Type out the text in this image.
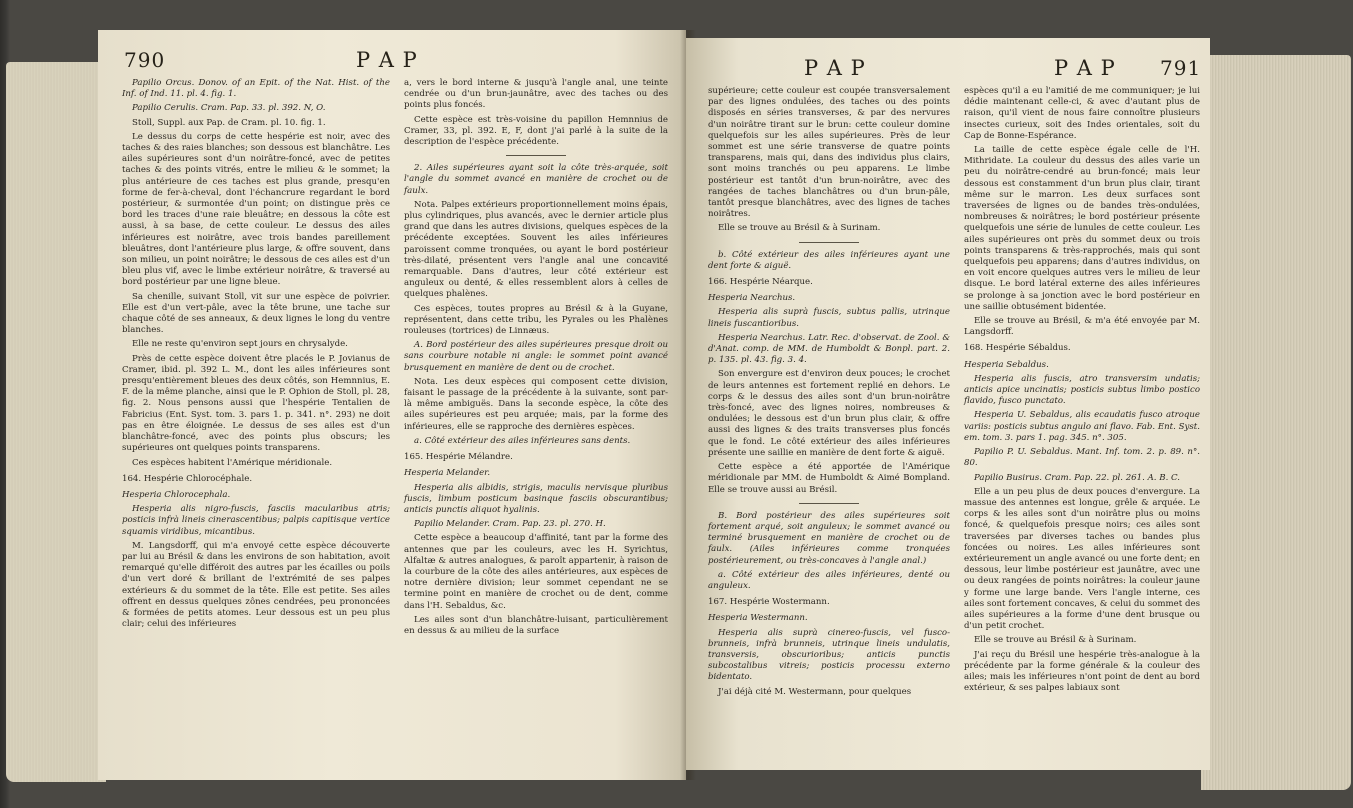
790	P A P

Papilio Orcus. Donov. of an Epit. of the Nat. Hist. of the Inf. of Ind. 11. pl. 4. fig. 1.

Papilio Cerulis. Cram. Pap. 33. pl. 392. N, O.

Stoll, Suppl. aux Pap. de Cram. pl. 10. fig. 1.

Le dessus du corps de cette hespérie est noir, avec des taches & des raies blanches; son dessous est blanchâtre. Les ailes supérieures sont d'un noirâtre-foncé, avec de petites taches & des points vitrés, entre le milieu & le sommet; la plus antérieure de ces taches est plus grande, presqu'en forme de fer-à-cheval, dont l'échancrure regardant le bord postérieur, & surmontée d'un point; on distingue près ce bord les traces d'une raie bleuâtre; en dessous la côte est aussi, à sa base, de cette couleur. Le dessus des ailes inférieures est noirâtre, avec trois bandes pareillement bleuâtres, dont l'antérieure plus large, & offre souvent, dans son milieu, un point noirâtre; le dessous de ces ailes est d'un bleu plus vif, avec le limbe extérieur noirâtre, & traversé au bord postérieur par une ligne bleue.

Sa chenille, suivant Stoll, vit sur une espèce de poivrier. Elle est d'un vert-pâle, avec la tête brune, une tache sur chaque côté de ses anneaux, & deux lignes le long du ventre blanches.

Elle ne reste qu'environ sept jours en chrysalyde.

Près de cette espèce doivent être placés le P. Jovianus de Cramer, ibid. pl. 392 L. M., dont les ailes inférieures sont presqu'entièrement bleues des deux côtés, son Hemnnius, E. F. de la même planche, ainsi que le P. Ophion de Stoll, pl. 28, fig. 2. Nous pensons aussi que l'hespérie Tentalien de Fabricius (Ent. Syst. tom. 3. pars 1. p. 341. n°. 293) ne doit pas en être éloignée. Le dessus de ses ailes est d'un blanchâtre-foncé, avec des points plus obscurs; les supérieures ont quelques points transparens.

Ces espèces habitent l'Amérique méridionale.

164. Hespérie Chlorocéphale.

Hesperia Chlorocephala.

Hesperia alis nigro-fuscis, fasciis macularibus atris; posticis infrà lineis cinerascentibus; palpis capitisque vertice squamis viridibus, micantibus.

M. Langsdorff, qui m'a envoyé cette espèce découverte par lui au Brésil & dans les environs de son habitation, avoit remarqué qu'elle différoit des autres par les écailles ou poils d'un vert doré & brillant de l'extrémité de ses palpes extérieurs & du sommet de la tête. Elle est petite. Ses ailes offrent en dessus quelques zônes cendrées, peu prononcées & formées de petits atomes. Leur dessous est un peu plus clair; celui des inférieures

a, vers le bord interne & jusqu'à l'angle anal, une teinte cendrée ou d'un brun-jaunâtre, avec des taches ou des points plus foncés.

Cette espèce est très-voisine du papillon Hemnnius de Cramer, 33, pl. 392. E, F, dont j'ai parlé à la suite de la description de l'espèce précédente.

2. Ailes supérieures ayant soit la côte très-arquée, soit l'angle du sommet avancé en manière de crochet ou de faulx.

Nota. Palpes extérieurs proportionnellement moins épais, plus cylindriques, plus avancés, avec le dernier article plus grand que dans les autres divisions, quelques espèces de la précédente exceptées. Souvent les ailes inférieures paroissent comme tronquées, ou ayant le bord postérieur très-dilaté, présentent vers l'angle anal une concavité remarquable. Dans d'autres, leur côté extérieur est anguleux ou denté, & elles ressemblent alors à celles de quelques phalènes.

Ces espèces, toutes propres au Brésil & à la Guyane, représentent, dans cette tribu, les Pyrales ou les Phalènes rouleuses (tortrices) de Linnæus.

A. Bord postérieur des ailes supérieures presque droit ou sans courbure notable ni angle: le sommet point avancé brusquement en manière de dent ou de crochet.

Nota. Les deux espèces qui composent cette division, faisant le passage de la précédente à la suivante, sont par-là même ambiguës. Dans la seconde espèce, la côte des ailes supérieures est peu arquée; mais, par la forme des inférieures, elle se rapproche des dernières espèces.

a. Côté extérieur des ailes inférieures sans dents.

165. Hespérie Mélandre.

Hesperia Melander.

Hesperia alis albidis, strigis, maculis nervisque pluribus fuscis, limbum posticum basinque fasciis obscurantibus; anticis punctis aliquot hyalinis.

Papilio Melander. Cram. Pap. 23. pl. 270. H.

Cette espèce a beaucoup d'affinité, tant par la forme des antennes que par les couleurs, avec les H. Syrichtus, Alfaltæ & autres analogues, & paroît appartenir, à raison de la courbure de la côte des ailes antérieures, aux espèces de notre dernière division; leur sommet cependant ne se termine point en manière de crochet ou de dent, comme dans l'H. Sebaldus, &c.

Les ailes sont d'un blanchâtre-luisant, particulièrement en dessus & au milieu de la surface

P A P	P A P 791

supérieure; cette couleur est coupée transversalement par des lignes ondulées, des taches ou des points disposés en séries transverses, & par des nervures d'un noirâtre tirant sur le brun: cette couleur domine quelquefois sur les ailes supérieures. Près de leur sommet est une série transverse de quatre points transparens, mais qui, dans des individus plus clairs, sont moins tranchés ou peu apparens. Le limbe postérieur est tantôt d'un brun-noirâtre, avec des rangées de taches blanchâtres ou d'un brun-pâle, tantôt presque blanchâtres, avec des lignes de taches noirâtres.

Elle se trouve au Brésil & à Surinam.

b. Côté extérieur des ailes inférieures ayant une dent forte & aiguë.

166. Hespérie Néarque.

Hesperia Nearchus.

Hesperia alis suprà fuscis, subtus pallis, utrinque lineis fuscantioribus.

Hesperia Nearchus. Latr. Rec. d'observat. de Zool. & d'Anat. comp. de MM. de Humboldt & Bonpl. part. 2. p. 135. pl. 43. fig. 3. 4.

Son envergure est d'environ deux pouces; le crochet de leurs antennes est fortement replié en dehors. Le corps & le dessus des ailes sont d'un brun-noirâtre très-foncé, avec des lignes noires, nombreuses & ondulées; le dessous est d'un brun plus clair, & offre aussi des lignes & des traits transverses plus foncés que le fond. Le côté extérieur des ailes inférieures présente une saillie en manière de dent forte & aiguë.

Cette espèce a été apportée de l'Amérique méridionale par MM. de Humboldt & Aimé Bompland. Elle se trouve aussi au Brésil.

B. Bord postérieur des ailes supérieures soit fortement arqué, soit anguleux; le sommet avancé ou terminé brusquement en manière de crochet ou de faulx. (Ailes inférieures comme tronquées postérieurement, ou très-concaves à l'angle anal.)

a. Côté extérieur des ailes inférieures, denté ou anguleux.

167. Hespérie Wostermann.

Hesperia Westermann.

Hesperia alis suprà cinereo-fuscis, vel fusco-brunneis, infrà brunneis, utrinque lineis undulatis, transversis, obscurioribus; anticis punctis subcostalibus vitreis; posticis processu externo bidentato.

J'ai déjà cité M. Westermann, pour quelques

espèces qu'il a eu l'amitié de me communiquer; je lui dédie maintenant celle-ci, & avec d'autant plus de raison, qu'il vient de nous faire connoître plusieurs insectes curieux, soit des Indes orientales, soit du Cap de Bonne-Espérance.

La taille de cette espèce égale celle de l'H. Mithridate. La couleur du dessus des ailes varie un peu du noirâtre-cendré au brun-foncé; mais leur dessous est constamment d'un brun plus clair, tirant même sur le marron. Les deux surfaces sont traversées de lignes ou de bandes très-ondulées, nombreuses & noirâtres; le bord postérieur présente quelquefois une série de lunules de cette couleur. Les ailes supérieures ont près du sommet deux ou trois points transparens & très-rapprochés, mais qui sont quelquefois peu apparens; dans d'autres individus, on en voit encore quelques autres vers le milieu de leur disque. Le bord latéral externe des ailes inférieures se prolonge à sa jonction avec le bord postérieur en une saillie obtusément bidentée.

Elle se trouve au Brésil, & m'a été envoyée par M. Langsdorff.

168. Hespérie Sébaldus.

Hesperia Sebaldus.

Hesperia alis fuscis, atro transversim undatis; anticis apice uncinatis; posticis subtus limbo postico flavido, fusco punctato.

Hesperia U. Sebaldus, alis ecaudatis fusco atroque variis: posticis subtus angulo ani flavo. Fab. Ent. Syst. em. tom. 3. pars 1. pag. 345. n°. 305.

Papilio P. U. Sebaldus. Mant. Inf. tom. 2. p. 89. n°. 80.

Papilio Busirus. Cram. Pap. 22. pl. 261. A. B. C.

Elle a un peu plus de deux pouces d'envergure. La massue des antennes est longue, grêle & arquée. Le corps & les ailes sont d'un noirâtre plus ou moins foncé, & quelquefois presque noirs; ces ailes sont traversées par diverses taches ou bandes plus foncées ou noires. Les ailes inférieures sont extérieurement un angle avancé ou une forte dent; en dessous, leur limbe postérieur est jaunâtre, avec une ou deux rangées de points noirâtres: la couleur jaune y forme une large bande. Vers l'angle interne, ces ailes sont fortement concaves, & celui du sommet des ailes supérieures a la forme d'une dent brusque ou d'un petit crochet.

Elle se trouve au Brésil & à Surinam.

J'ai reçu du Brésil une hespérie très-analogue à la précédente par la forme générale & la couleur des ailes; mais les inférieures n'ont point de dent au bord extérieur, & ses palpes labiaux sont
